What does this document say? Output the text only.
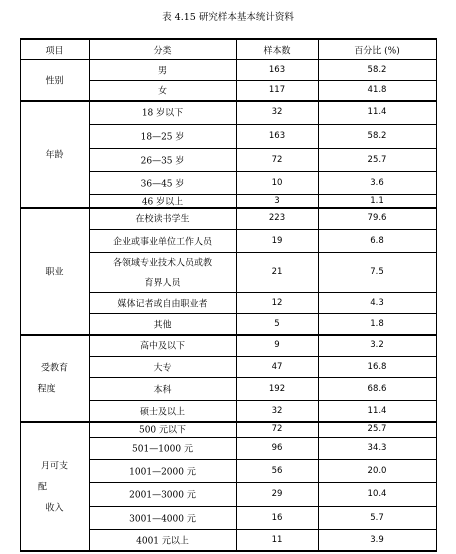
表 4.15 研究样本基本统计资料
项目	分类	样本数	百分比 (%)
性别
男	163	58.2
女	117	41.8
年龄
18 岁以下	32	11.4
18—25 岁	163	58.2
26—35 岁	72	25.7
36—45 岁	10	3.6
46 岁以上	3	1.1
职业
在校读书学生	223	79.6
企业或事业单位工作人员	19	6.8
各领域专业技术人员或教
育界人员
21	7.5
媒体记者或自由职业者	12	4.3
其他	5	1.8
受教育
程度
高中及以下	9	3.2
大专	47	16.8
本科	192	68.6
硕士及以上	32	11.4
月可支
配
收入
500 元以下	72	25.7
501—1000 元	96	34.3
1001—2000 元	56	20.0
2001—3000 元	29	10.4
3001—4000 元	16	5.7
4001 元以上	11	3.9
